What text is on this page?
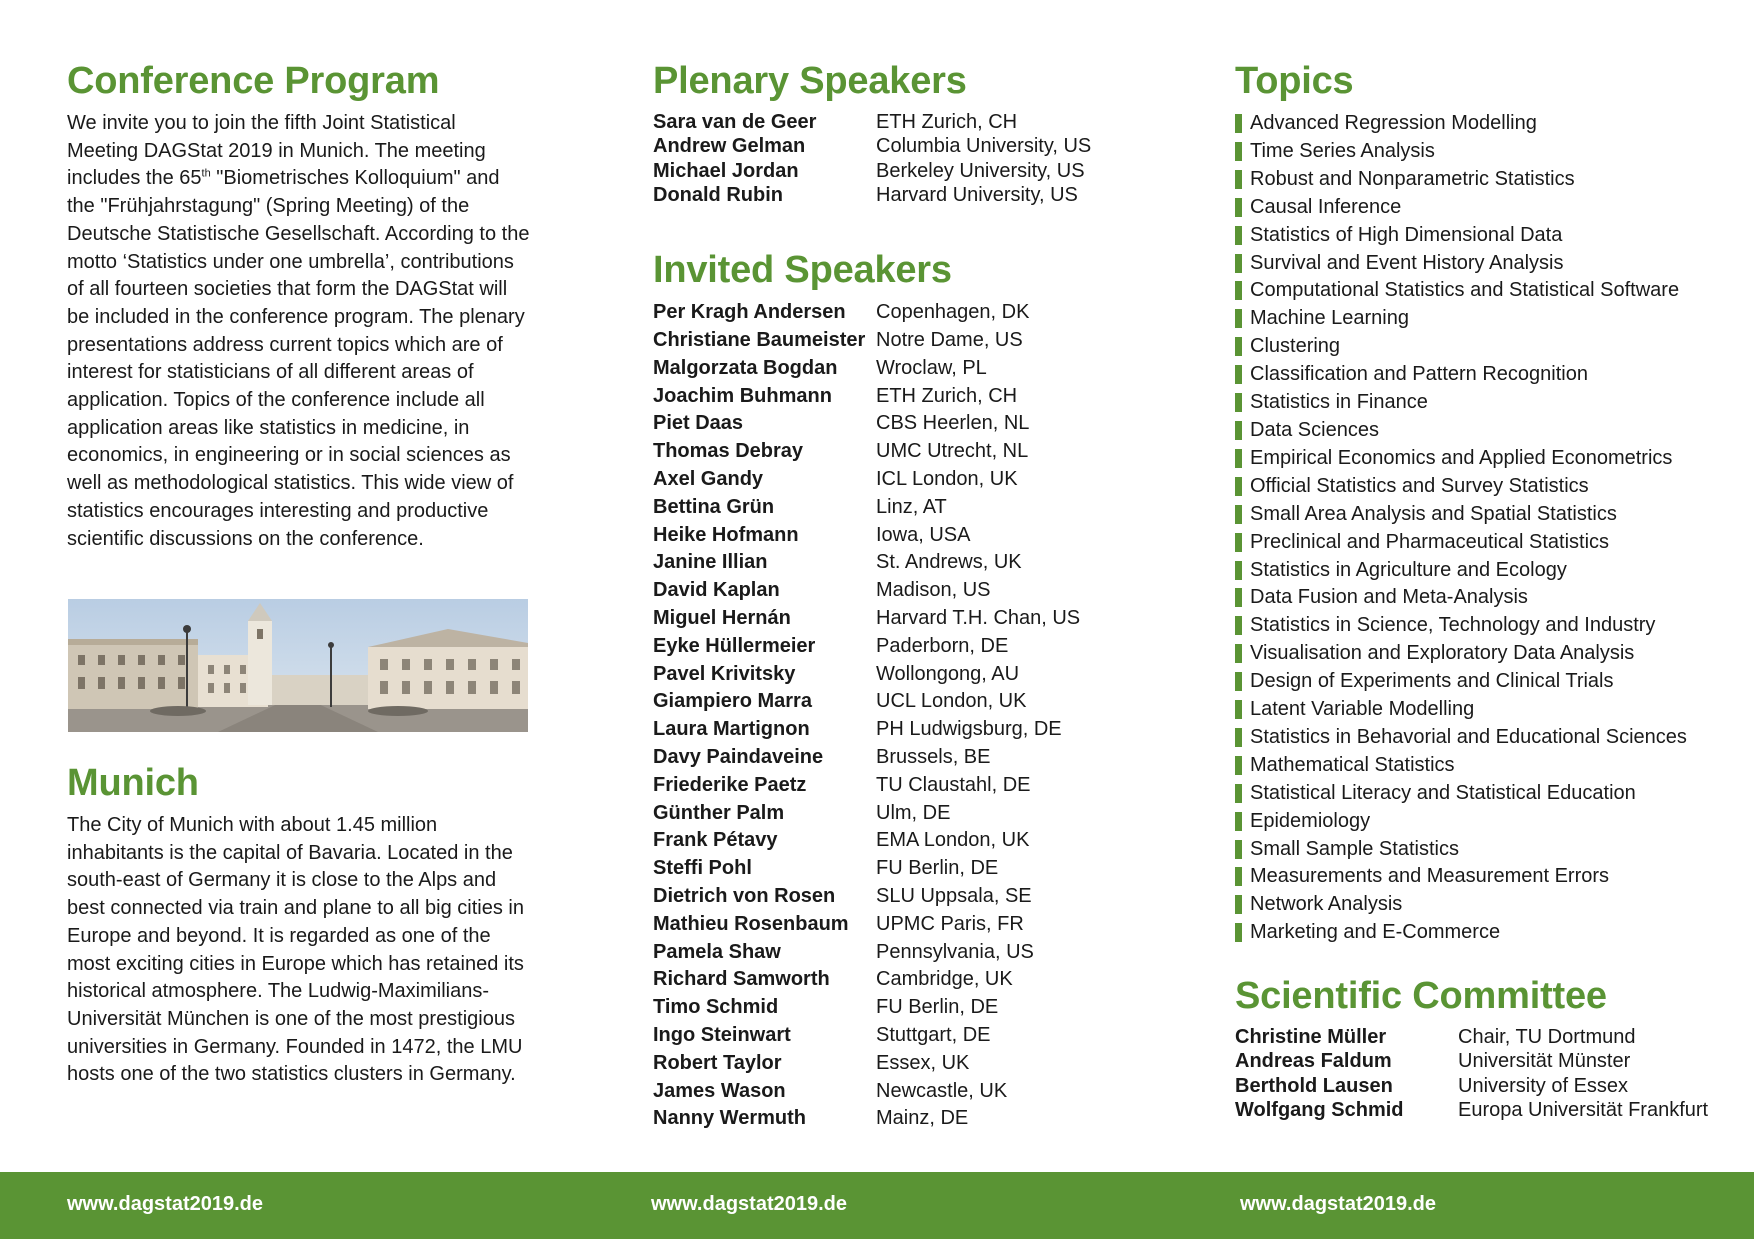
Conference Program

We invite you to join the fifth Joint Statistical Meeting DAGStat 2019 in Munich. The meeting includes the 65th "Biometrisches Kolloquium" and the "Frühjahrstagung" (Spring Meeting) of the Deutsche Statistische Gesellschaft. According to the motto ‘Statistics under one umbrella’, contributions of all fourteen societies that form the DAGStat will be included in the conference program. The plenary presentations address current topics which are of interest for statisticians of all different areas of application. Topics of the conference include all application areas like statistics in medicine, in economics, in engineering or in social sciences as well as methodological statistics. This wide view of statistics encourages interesting and productive scientific discussions on the conference.

Munich

The City of Munich with about 1.45 million inhabitants is the capital of Bavaria. Located in the south-east of Germany it is close to the Alps and best connected via train and plane to all big cities in Europe and beyond. It is regarded as one of the most exciting cities in Europe which has retained its historical atmosphere. The Ludwig-Maximilians-Universität München is one of the most prestigious universities in Germany. Founded in 1472, the LMU hosts one of the two statistics clusters in Germany.

Plenary Speakers
Sara van de Geer	ETH Zurich, CH
Andrew Gelman	Columbia University, US
Michael Jordan	Berkeley University, US
Donald Rubin	Harvard University, US
Invited Speakers
Per Kragh Andersen	Copenhagen, DK
Christiane Baumeister Notre Dame, US
Malgorzata Bogdan	Wroclaw, PL
Joachim Buhmann	ETH Zurich, CH
Piet Daas	CBS Heerlen, NL
Thomas Debray	UMC Utrecht, NL
Axel Gandy	ICL London, UK
Bettina Grün	Linz, AT
Heike Hofmann	Iowa, USA
Janine Illian	St. Andrews, UK
David Kaplan	Madison, US
Miguel Hernán	Harvard T.H. Chan, US
Eyke Hüllermeier	Paderborn, DE
Pavel Krivitsky	Wollongong, AU
Giampiero Marra	UCL London, UK
Laura Martignon	PH Ludwigsburg, DE
Davy Paindaveine	Brussels, BE
Friederike Paetz	TU Claustahl, DE
Günther Palm	Ulm, DE
Frank Pétavy	EMA London, UK
Steffi Pohl	FU Berlin, DE
Dietrich von Rosen	SLU Uppsala, SE
Mathieu Rosenbaum	UPMC Paris, FR
Pamela Shaw	Pennsylvania, US
Richard Samworth	Cambridge, UK
Timo Schmid	FU Berlin, DE
Ingo Steinwart	Stuttgart, DE
Robert Taylor	Essex, UK
James Wason	Newcastle, UK
Nanny Wermuth	Mainz, DE
Topics
Advanced Regression Modelling
Time Series Analysis
Robust and Nonparametric Statistics
Causal Inference
Statistics of High Dimensional Data
Survival and Event History Analysis
Computational Statistics and Statistical Software
Machine Learning
Clustering
Classification and Pattern Recognition
Statistics in Finance
Data Sciences
Empirical Economics and Applied Econometrics
Official Statistics and Survey Statistics
Small Area Analysis and Spatial Statistics
Preclinical and Pharmaceutical Statistics
Statistics in Agriculture and Ecology
Data Fusion and Meta-Analysis
Statistics in Science, Technology and Industry
Visualisation and Exploratory Data Analysis
Design of Experiments and Clinical Trials
Latent Variable Modelling
Statistics in Behavorial and Educational Sciences
Mathematical Statistics
Statistical Literacy and Statistical Education
Epidemiology
Small Sample Statistics
Measurements and Measurement Errors
Network Analysis
Marketing and E-Commerce
Scientific Committee
Christine Müller	Chair, TU Dortmund
Andreas Faldum	Universität Münster
Berthold Lausen	University of Essex
Wolfgang Schmid	Europa Universität Frankfurt
www.dagstat2019.de	www.dagstat2019.de	www.dagstat2019.de
